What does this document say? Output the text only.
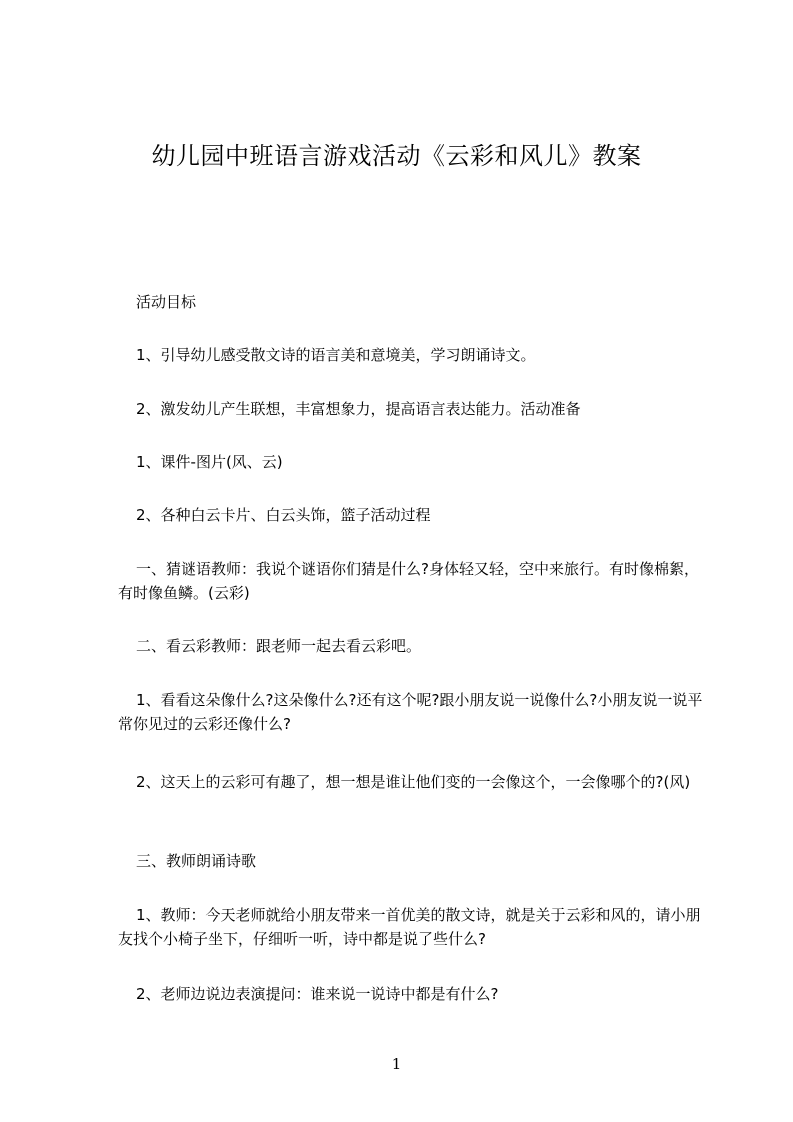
幼儿园中班语言游戏活动《云彩和风儿》教案

活动目标

1、引导幼儿感受散文诗的语言美和意境美，学习朗诵诗文。

2、激发幼儿产生联想，丰富想象力，提高语言表达能力。活动准备

1、课件-图片(风、云)

2、各种白云卡片、白云头饰，篮子活动过程

一、猜谜语教师：我说个谜语你们猜是什么?身体轻又轻，空中来旅行。有时像棉絮，有时像鱼鳞。(云彩)

二、看云彩教师：跟老师一起去看云彩吧。

1、看看这朵像什么?这朵像什么?还有这个呢?跟小朋友说一说像什么?小朋友说一说平常你见过的云彩还像什么?

2、这天上的云彩可有趣了，想一想是谁让他们变的一会像这个，一会像哪个的?(风)

三、教师朗诵诗歌

1、教师：今天老师就给小朋友带来一首优美的散文诗，就是关于云彩和风的，请小朋友找个小椅子坐下，仔细听一听，诗中都是说了些什么?

2、老师边说边表演提问：谁来说一说诗中都是有什么?

1
